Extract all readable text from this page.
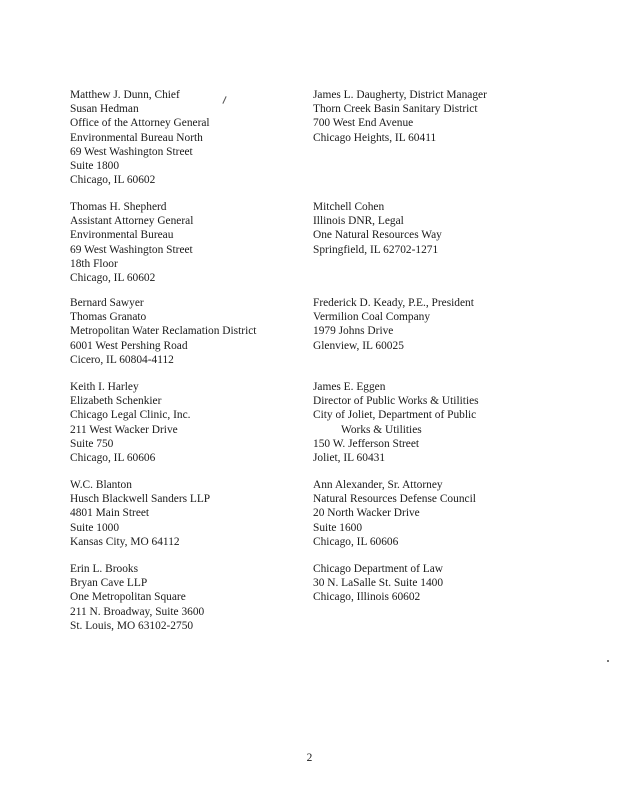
Matthew J. Dunn, Chief
Susan Hedman
Office of the Attorney General
Environmental Bureau North
69 West Washington Street
Suite 1800
Chicago, IL 60602
Thomas H. Shepherd
Assistant Attorney General
Environmental Bureau
69 West Washington Street
18th Floor
Chicago, IL 60602
Bernard Sawyer
Thomas Granato
Metropolitan Water Reclamation District
6001 West Pershing Road
Cicero, IL 60804-4112
Keith I. Harley
Elizabeth Schenkier
Chicago Legal Clinic, Inc.
211 West Wacker Drive
Suite 750
Chicago, IL 60606
W.C. Blanton
Husch Blackwell Sanders LLP
4801 Main Street
Suite 1000
Kansas City, MO 64112
Erin L. Brooks
Bryan Cave LLP
One Metropolitan Square
211 N. Broadway, Suite 3600
St. Louis, MO 63102-2750
James L. Daugherty, District Manager
Thorn Creek Basin Sanitary District
700 West End Avenue
Chicago Heights, IL 60411
Mitchell Cohen
Illinois DNR, Legal
One Natural Resources Way
Springfield, IL 62702-1271
Frederick D. Keady, P.E., President
Vermilion Coal Company
1979 Johns Drive
Glenview, IL 60025
James E. Eggen
Director of Public Works & Utilities
City of Joliet, Department of Public
Works & Utilities
150 W. Jefferson Street
Joliet, IL 60431
Ann Alexander, Sr. Attorney
Natural Resources Defense Council
20 North Wacker Drive
Suite 1600
Chicago, IL 60606
Chicago Department of Law
30 N. LaSalle St. Suite 1400
Chicago, Illinois 60602
2
